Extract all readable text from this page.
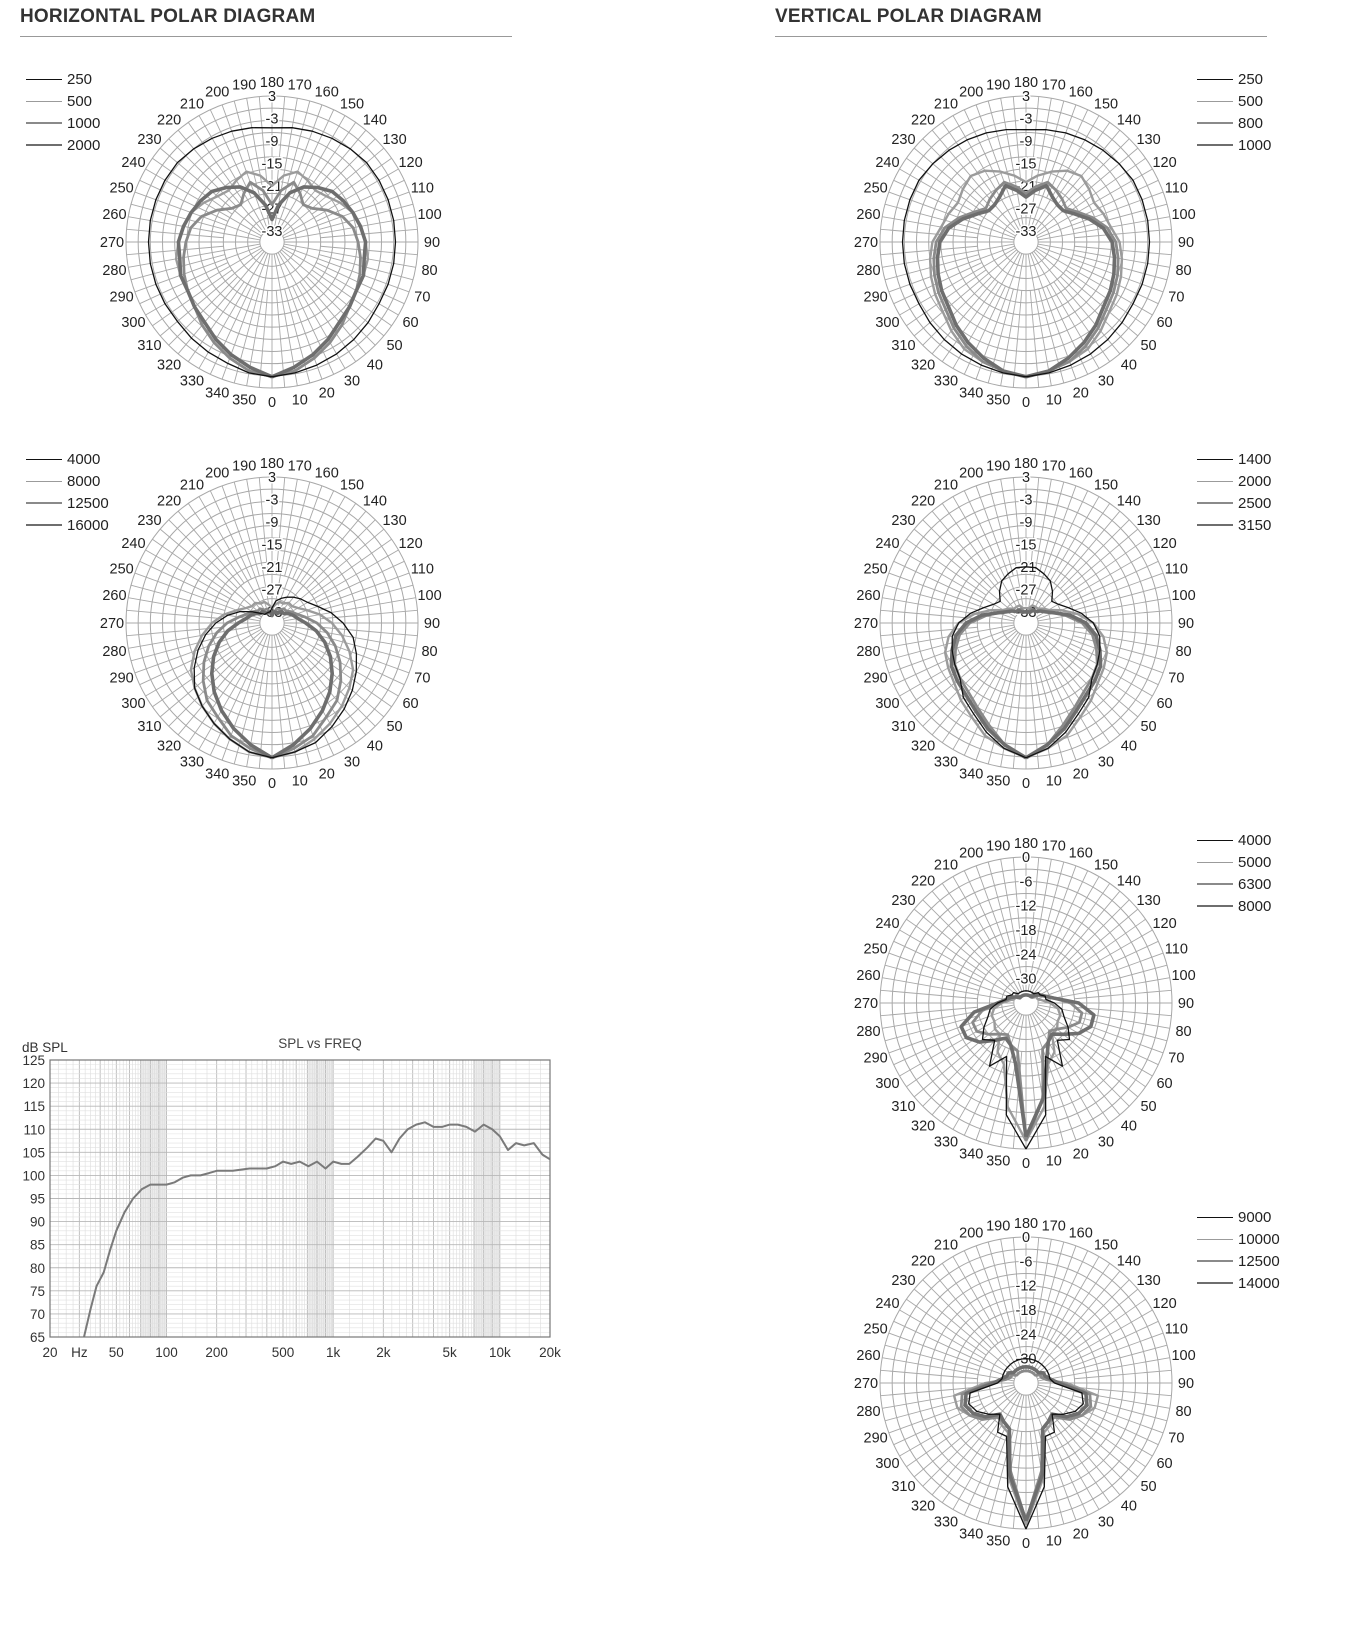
HORIZONTAL POLAR DIAGRAM	VERTICAL POLAR DIAGRAM
0 10 20
30
40
50
60
70
80
90
100
110
120
130
140
150
160
170
180
190
200
210
220
230
240
250
260
270
280
290
300
310
320
330
340 350
3
-3
-9
-15
-21
-27
-33
0 10 20
30
40
50
60
70
80
90
100
110
120
130
140
150
160
170
180
190
200
210
220
230
240
250
260
270
280
290
300
310
320
330
340 350
3
-3
-9
-15
-21
-27
-33
0 10 20
30
40
50
60
70
80
90
100
110
120
130
140
150
160
170
180
190
200
210
220
230
240
250
260
270
280
290
300
310
320
330
340 350
3
-3
-9
-15
-21
-27
-33
0 10 20
30
40
50
60
70
80
90
100
110
120
130
140
150
160
170
180
190
200
210
220
230
240
250
260
270
280
290
300
310
320
330
340 350
3
-3
-9
-15
-21
-27
-33
0 10 20
30
40
50
60
70
80
90
100
110
120
130
140
150
160
170
180
190
200
210
220
230
240
250
260
270
280
290
300
310
320
330
340 350
0
-6
-12
-18
-24
-30
0 10 20
30
40
50
60
70
80
90
100
110
120
130
140
150
160
170
180
190
200
210
220
230
240
250
260
270
280
290
300
310
320
330
340 350
0
-6
-12
-18
-24
-30
125
120
115
110
105
100
95
90
85
80
75
70
65
20 Hz 50 100 200	500 1k	2k	5k 10k 20k
SPL vs FREQ
dB SPL
250
500
1000
2000
4000
8000
12500
16000
250
500
800
1000
1400
2000
2500
3150
4000
5000
6300
8000
9000
10000
12500
14000
